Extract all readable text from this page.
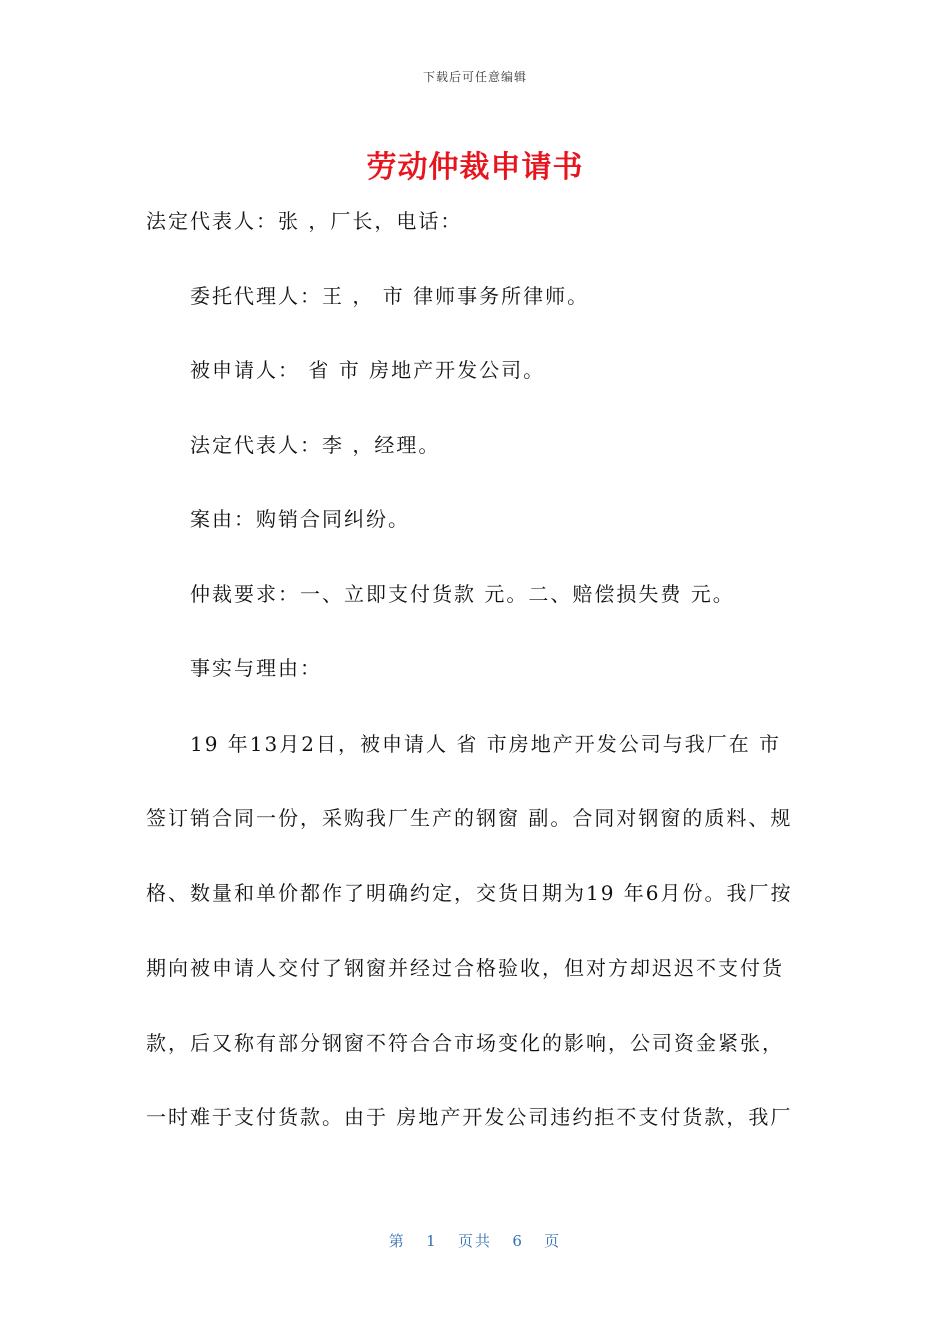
下载后可任意编辑
劳动仲裁申请书
法定代表人：张 ，厂长，电话：
委托代理人：王 ， 市 律师事务所律师。
被申请人： 省 市 房地产开发公司。
法定代表人：李 ，经理。
案由：购销合同纠纷。
仲裁要求：一、立即支付货款 元。二、赔偿损失费 元。
事实与理由：
19 年13月2日，被申请人 省 市房地产开发公司与我厂在 市
签订销合同一份，采购我厂生产的钢窗 副。合同对钢窗的质料、规
格、数量和单价都作了明确约定，交货日期为19 年6月份。我厂按
期向被申请人交付了钢窗并经过合格验收，但对方却迟迟不支付货
款，后又称有部分钢窗不符合合市场变化的影响，公司资金紧张，
一时难于支付货款。由于 房地产开发公司违约拒不支付货款，我厂
第 1 页共 6 页
